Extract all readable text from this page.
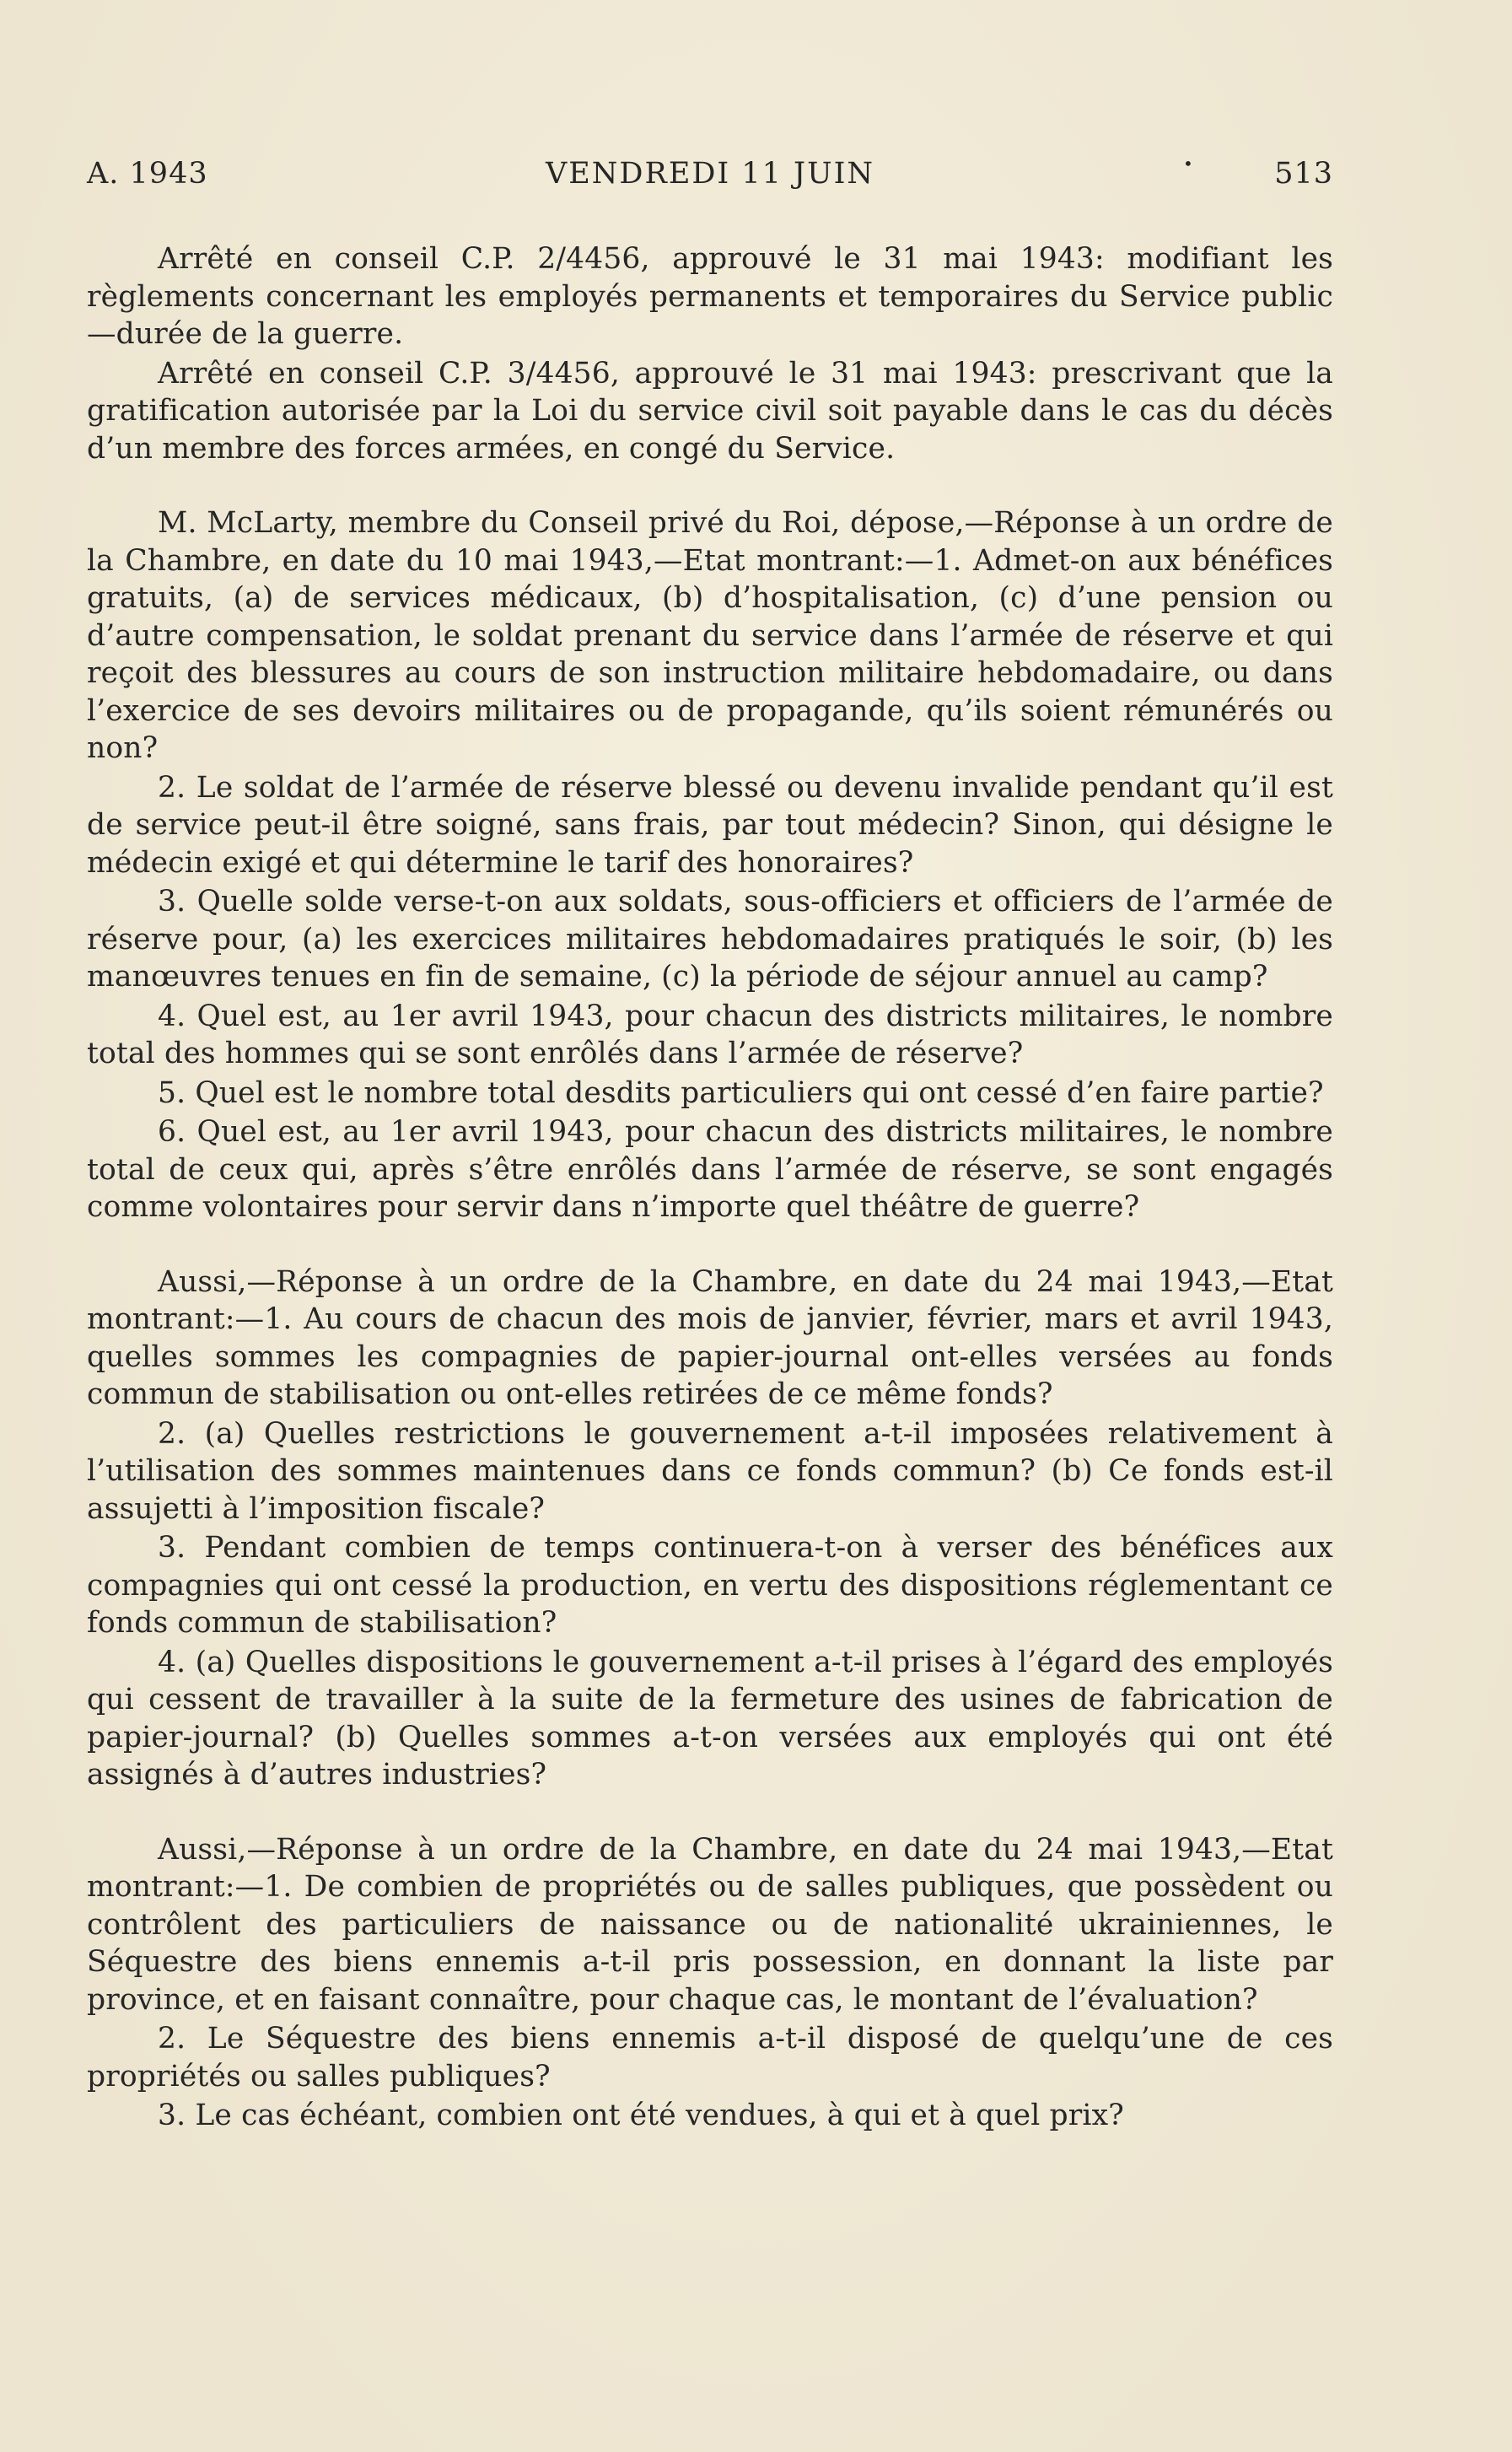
A. 1943	VENDREDI 11 JUIN	•	513

Arrêté en conseil C.P. 2/4456, approuvé le 31 mai 1943: modifiant les règlements concernant les employés permanents et temporaires du Service public—durée de la guerre.

Arrêté en conseil C.P. 3/4456, approuvé le 31 mai 1943: prescrivant que la gratification autorisée par la Loi du service civil soit payable dans le cas du décès d’un membre des forces armées, en congé du Service.

M. McLarty, membre du Conseil privé du Roi, dépose,—Réponse à un ordre de la Chambre, en date du 10 mai 1943,—Etat montrant:—1. Admet-on aux bénéfices gratuits, (a) de services médicaux, (b) d’hospitalisation, (c) d’une pension ou d’autre compensation, le soldat prenant du service dans l’armée de réserve et qui reçoit des blessures au cours de son instruction militaire hebdomadaire, ou dans l’exercice de ses devoirs militaires ou de propagande, qu’ils soient rémunérés ou non?

2. Le soldat de l’armée de réserve blessé ou devenu invalide pendant qu’il est de service peut-il être soigné, sans frais, par tout médecin? Sinon, qui désigne le médecin exigé et qui détermine le tarif des honoraires?

3. Quelle solde verse-t-on aux soldats, sous-officiers et officiers de l’armée de réserve pour, (a) les exercices militaires hebdomadaires pratiqués le soir, (b) les manœuvres tenues en fin de semaine, (c) la période de séjour annuel au camp?

4. Quel est, au 1er avril 1943, pour chacun des districts militaires, le nombre total des hommes qui se sont enrôlés dans l’armée de réserve?

5. Quel est le nombre total desdits particuliers qui ont cessé d’en faire partie?

6. Quel est, au 1er avril 1943, pour chacun des districts militaires, le nombre total de ceux qui, après s’être enrôlés dans l’armée de réserve, se sont engagés comme volontaires pour servir dans n’importe quel théâtre de guerre?

Aussi,—Réponse à un ordre de la Chambre, en date du 24 mai 1943,—Etat montrant:—1. Au cours de chacun des mois de janvier, février, mars et avril 1943, quelles sommes les compagnies de papier-journal ont-elles versées au fonds commun de stabilisation ou ont-elles retirées de ce même fonds?

2. (a) Quelles restrictions le gouvernement a-t-il imposées relativement à l’utilisation des sommes maintenues dans ce fonds commun? (b) Ce fonds est-il assujetti à l’imposition fiscale?

3. Pendant combien de temps continuera-t-on à verser des bénéfices aux compagnies qui ont cessé la production, en vertu des dispositions réglementant ce fonds commun de stabilisation?

4. (a) Quelles dispositions le gouvernement a-t-il prises à l’égard des employés qui cessent de travailler à la suite de la fermeture des usines de fabrication de papier-journal? (b) Quelles sommes a-t-on versées aux employés qui ont été assignés à d’autres industries?

Aussi,—Réponse à un ordre de la Chambre, en date du 24 mai 1943,—Etat montrant:—1. De combien de propriétés ou de salles publiques, que possèdent ou contrôlent des particuliers de naissance ou de nationalité ukrainiennes, le Séquestre des biens ennemis a-t-il pris possession, en donnant la liste par province, et en faisant connaître, pour chaque cas, le montant de l’évaluation?

2. Le Séquestre des biens ennemis a-t-il disposé de quelqu’une de ces propriétés ou salles publiques?

3. Le cas échéant, combien ont été vendues, à qui et à quel prix?
